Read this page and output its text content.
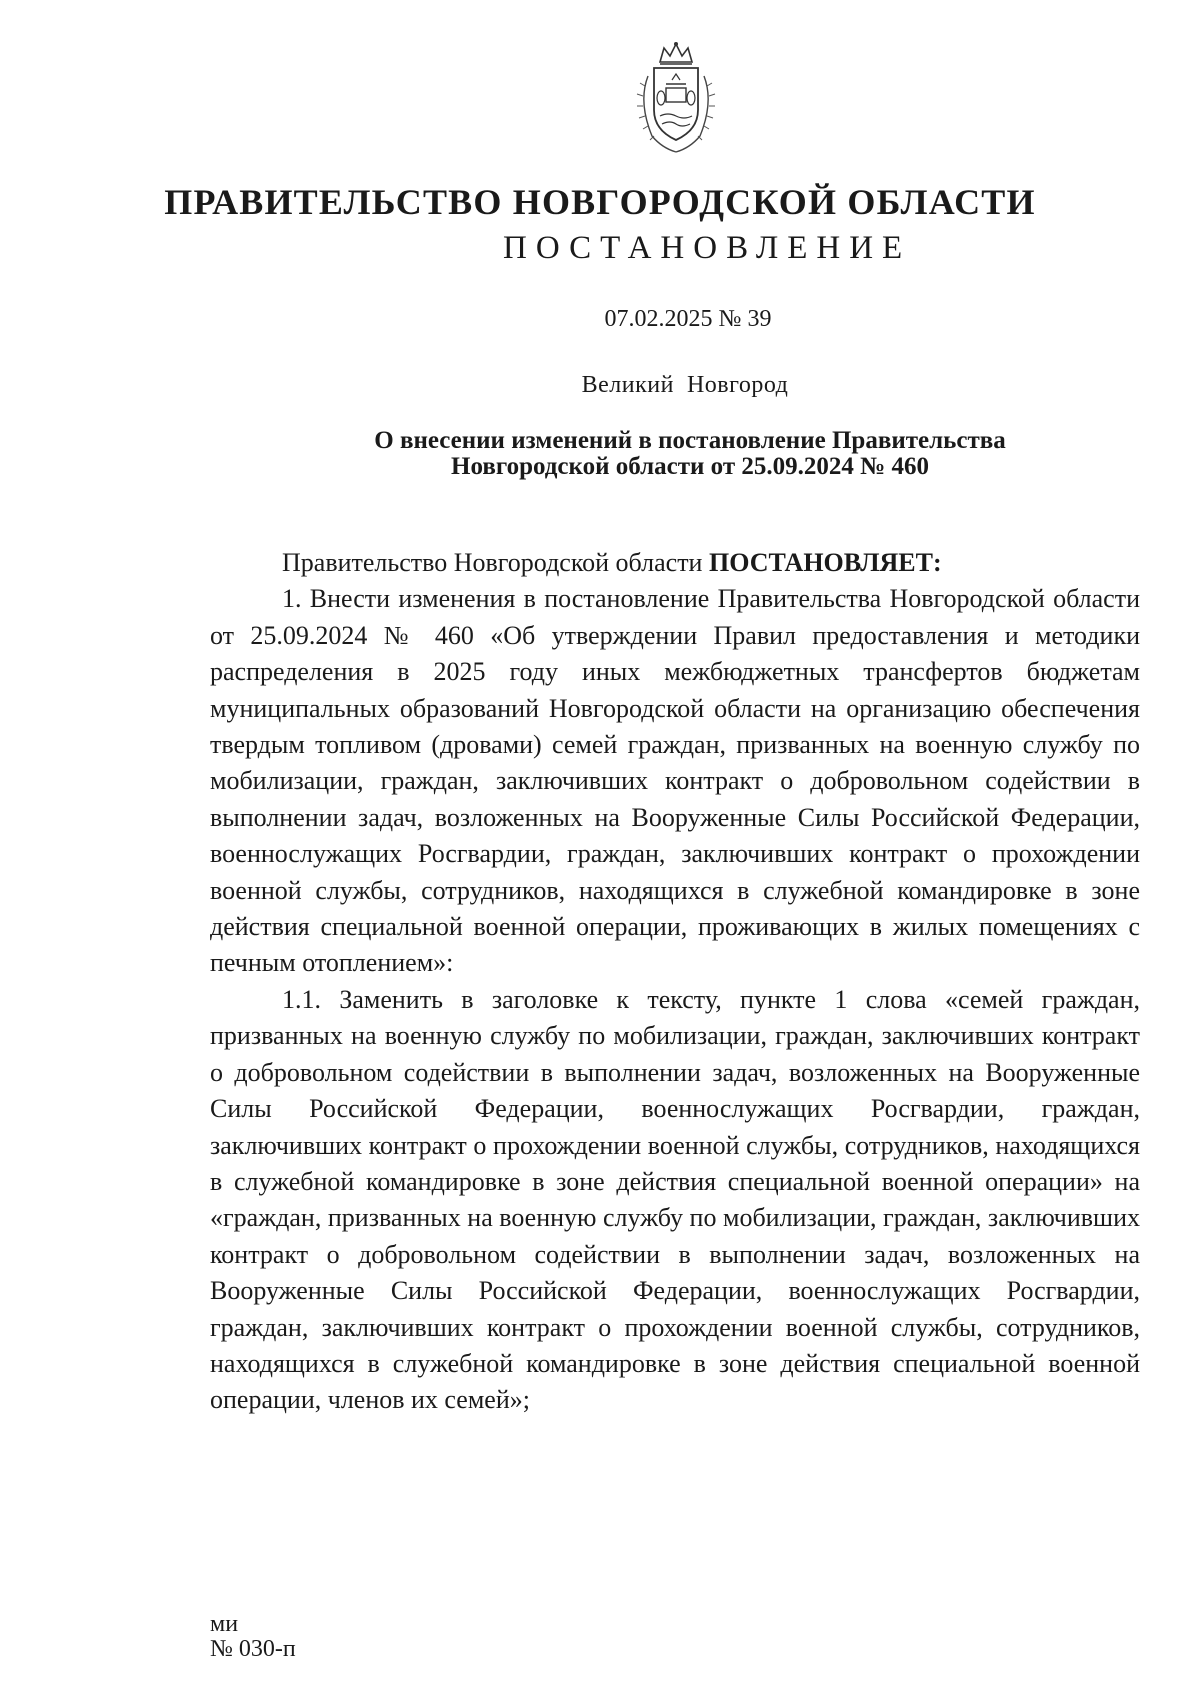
ПРАВИТЕЛЬСТВО НОВГОРОДСКОЙ ОБЛАСТИ
ПОСТАНОВЛЕНИЕ
07.02.2025 № 39
Великий  Новгород
О внесении изменений в постановление Правительства
Новгородской области от 25.09.2024 № 460

Правительство Новгородской области ПОСТАНОВЛЯЕТ:

1. Внести изменения в постановление Правительства Новгородской области от 25.09.2024 № 460 «Об утверждении Правил предоставления и методики распределения в 2025 году иных межбюджетных трансфертов бюджетам муниципальных образований Новгородской области на организацию обеспечения твердым топливом (дровами) семей граждан, призванных на военную службу по мобилизации, граждан, заключивших контракт о добровольном содействии в выполнении задач, возложенных на Вооруженные Силы Российской Федерации, военнослужащих Росгвардии, граждан, заключивших контракт о прохождении военной службы, сотрудников, находящихся в служебной командировке в зоне действия специальной военной операции, проживающих в жилых помещениях с печным отоплением»:

1.1. Заменить в заголовке к тексту, пункте 1 слова «семей граждан, призванных на военную службу по мобилизации, граждан, заключивших контракт о добровольном содействии в выполнении задач, возложенных на Вооруженные Силы Российской Федерации, военнослужащих Росгвардии, граждан, заключивших контракт о прохождении военной службы, сотрудников, находящихся в служебной командировке в зоне действия специальной военной операции» на «граждан, призванных на военную службу по мобилизации, граждан, заключивших контракт о добровольном содействии в выполнении задач, возложенных на Вооруженные Силы Российской Федерации, военнослужащих Росгвардии, граждан, заключивших контракт о прохождении военной службы, сотрудников, находящихся в служебной командировке в зоне действия специальной военной операции, членов их семей»;

ми
№ 030-п
